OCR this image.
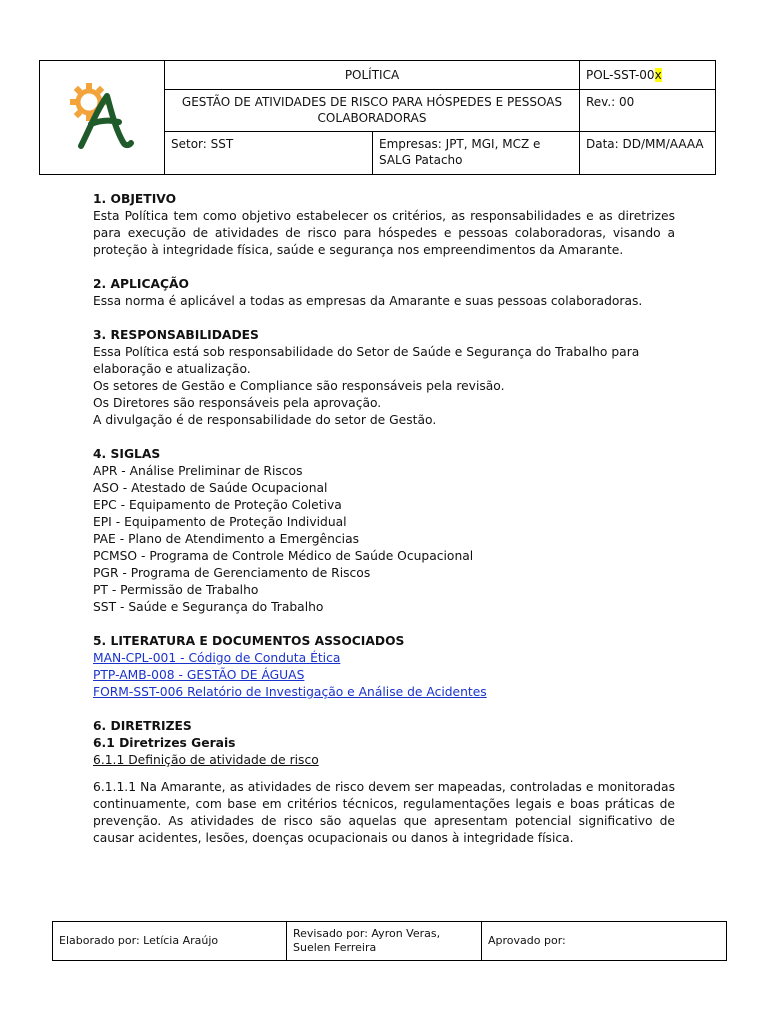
	POLÍTICA		POL-SST-00x
	GESTÃO DE ATIVIDADES DE RISCO PARA HÓSPEDES E PESSOAS COLABORADORAS		Rev.: 00
	Setor: SST	Empresas: JPT, MGI, MCZ e SALG Patacho	Data: DD/MM/AAAA
1. OBJETIVO

Esta Política tem como objetivo estabelecer os critérios, as responsabilidades e as diretrizes para execução de atividades de risco para hóspedes e pessoas colaboradoras, visando a proteção à integridade física, saúde e segurança nos empreendimentos da Amarante.

2. APLICAÇÃO

Essa norma é aplicável a todas as empresas da Amarante e suas pessoas colaboradoras.

3. RESPONSABILIDADES

Essa Política está sob responsabilidade do Setor de Saúde e Segurança do Trabalho para elaboração e atualização.

Os setores de Gestão e Compliance são responsáveis pela revisão.

Os Diretores são responsáveis pela aprovação.

A divulgação é de responsabilidade do setor de Gestão.

4. SIGLAS

APR - Análise Preliminar de Riscos

ASO - Atestado de Saúde Ocupacional

EPC - Equipamento de Proteção Coletiva

EPI - Equipamento de Proteção Individual

PAE - Plano de Atendimento a Emergências

PCMSO - Programa de Controle Médico de Saúde Ocupacional

PGR - Programa de Gerenciamento de Riscos

PT - Permissão de Trabalho

SST - Saúde e Segurança do Trabalho

5. LITERATURA E DOCUMENTOS ASSOCIADOS
MAN-CPL-001 - Código de Conduta Ética
PTP-AMB-008 - GESTÃO DE ÁGUAS
FORM-SST-006 Relatório de Investigação e Análise de Acidentes
6. DIRETRIZES
6.1 Diretrizes Gerais
6.1.1 Definição de atividade de risco

6.1.1.1 Na Amarante, as atividades de risco devem ser mapeadas, controladas e monitoradas continuamente, com base em critérios técnicos, regulamentações legais e boas práticas de prevenção. As atividades de risco são aquelas que apresentam potencial significativo de causar acidentes, lesões, doenças ocupacionais ou danos à integridade física.

Elaborado por: Letícia Araújo	Revisado por: Ayron Veras, Suelen Ferreira	Aprovado por:
